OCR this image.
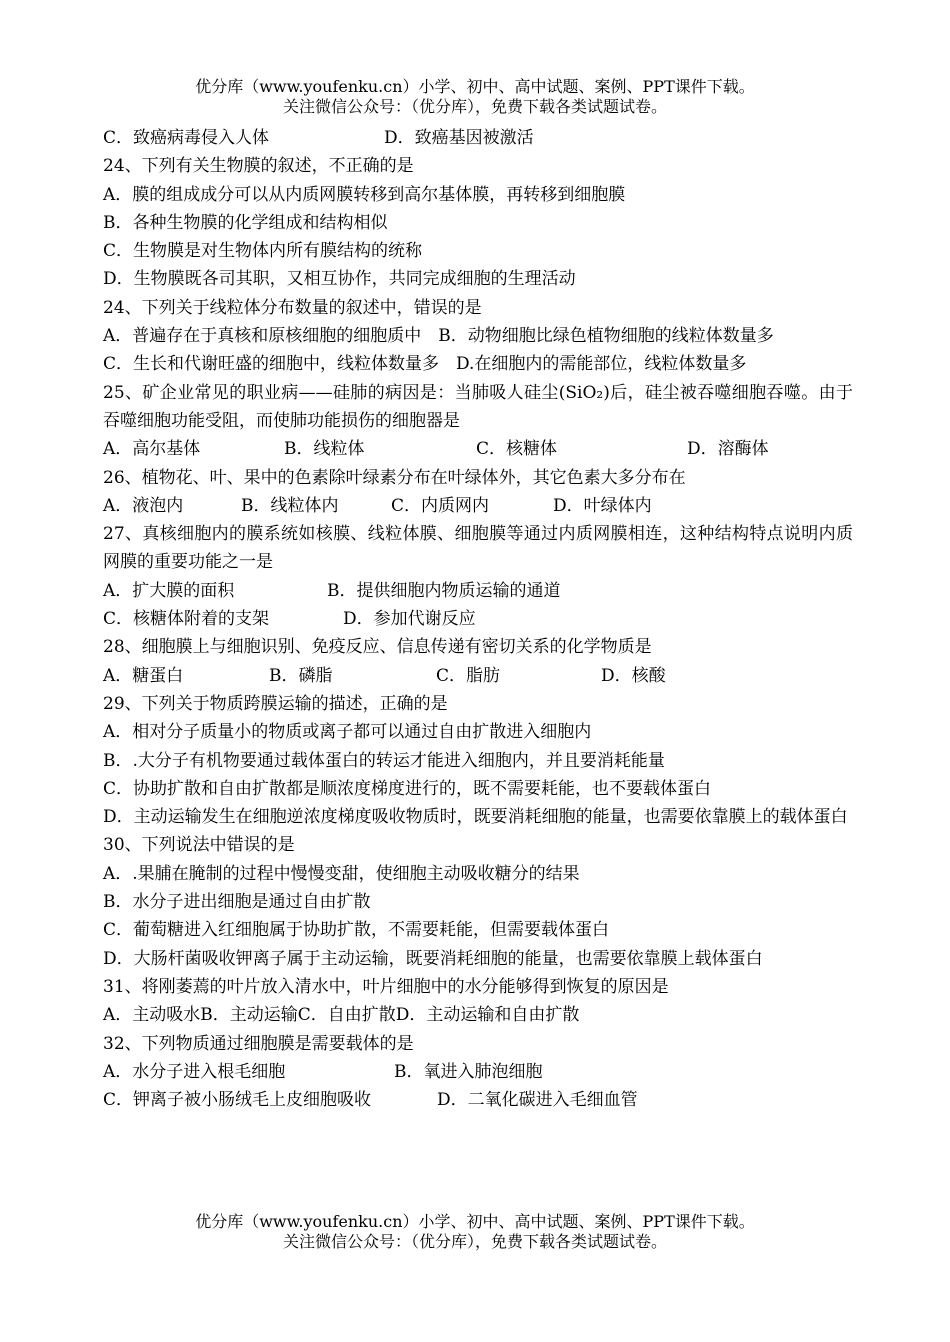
优分库（www.youfenku.cn）小学、初中、高中试题、案例、PPT课件下载。
关注微信公众号：（优分库），免费下载各类试题试卷。
C．致癌病毒侵入人体	D．致癌基因被激活
24、下列有关生物膜的叙述，不正确的是
A．膜的组成成分可以从内质网膜转移到高尔基体膜，再转移到细胞膜
B．各种生物膜的化学组成和结构相似
C．生物膜是对生物体内所有膜结构的统称
D．生物膜既各司其职，又相互协作，共同完成细胞的生理活动
24、下列关于线粒体分布数量的叙述中，错误的是
A．普遍存在于真核和原核细胞的细胞质中　B．动物细胞比绿色植物细胞的线粒体数量多
C．生长和代谢旺盛的细胞中，线粒体数量多　D.在细胞内的需能部位，线粒体数量多
25、矿企业常见的职业病——硅肺的病因是：当肺吸人硅尘(SiO₂)后，硅尘被吞噬细胞吞噬。由于吞噬细胞功能受阻，而使肺功能损伤的细胞器是
A．高尔基体	B．线粒体	C．核糖体	D．溶酶体
26、植物花、叶、果中的色素除叶绿素分布在叶绿体外，其它色素大多分布在
A．液泡内	B．线粒体内	C．内质网内	D．叶绿体内
27、真核细胞内的膜系统如核膜、线粒体膜、细胞膜等通过内质网膜相连，这种结构特点说明内质网膜的重要功能之一是
A．扩大膜的面积	B．提供细胞内物质运输的通道
C．核糖体附着的支架	D．参加代谢反应
28、细胞膜上与细胞识别、免疫反应、信息传递有密切关系的化学物质是
A．糖蛋白	B．磷脂	C．脂肪	D．核酸
29、下列关于物质跨膜运输的描述，正确的是
A．相对分子质量小的物质或离子都可以通过自由扩散进入细胞内
B．.大分子有机物要通过载体蛋白的转运才能进入细胞内，并且要消耗能量
C．协助扩散和自由扩散都是顺浓度梯度进行的，既不需要耗能，也不要载体蛋白
D．主动运输发生在细胞逆浓度梯度吸收物质时，既要消耗细胞的能量，也需要依靠膜上的载体蛋白
30、下列说法中错误的是
A．.果脯在腌制的过程中慢慢变甜，使细胞主动吸收糖分的结果
B．水分子进出细胞是通过自由扩散
C．葡萄糖进入红细胞属于协助扩散，不需要耗能，但需要载体蛋白
D．大肠杆菌吸收钾离子属于主动运输，既要消耗细胞的能量，也需要依靠膜上载体蛋白
31、将刚萎蔫的叶片放入清水中，叶片细胞中的水分能够得到恢复的原因是
A．主动吸水B．主动运输C．自由扩散D．主动运输和自由扩散
32、下列物质通过细胞膜是需要载体的是
A．水分子进入根毛细胞	B．氧进入肺泡细胞
C．钾离子被小肠绒毛上皮细胞吸收	D．二氧化碳进入毛细血管
优分库（www.youfenku.cn）小学、初中、高中试题、案例、PPT课件下载。
关注微信公众号：（优分库），免费下载各类试题试卷。
